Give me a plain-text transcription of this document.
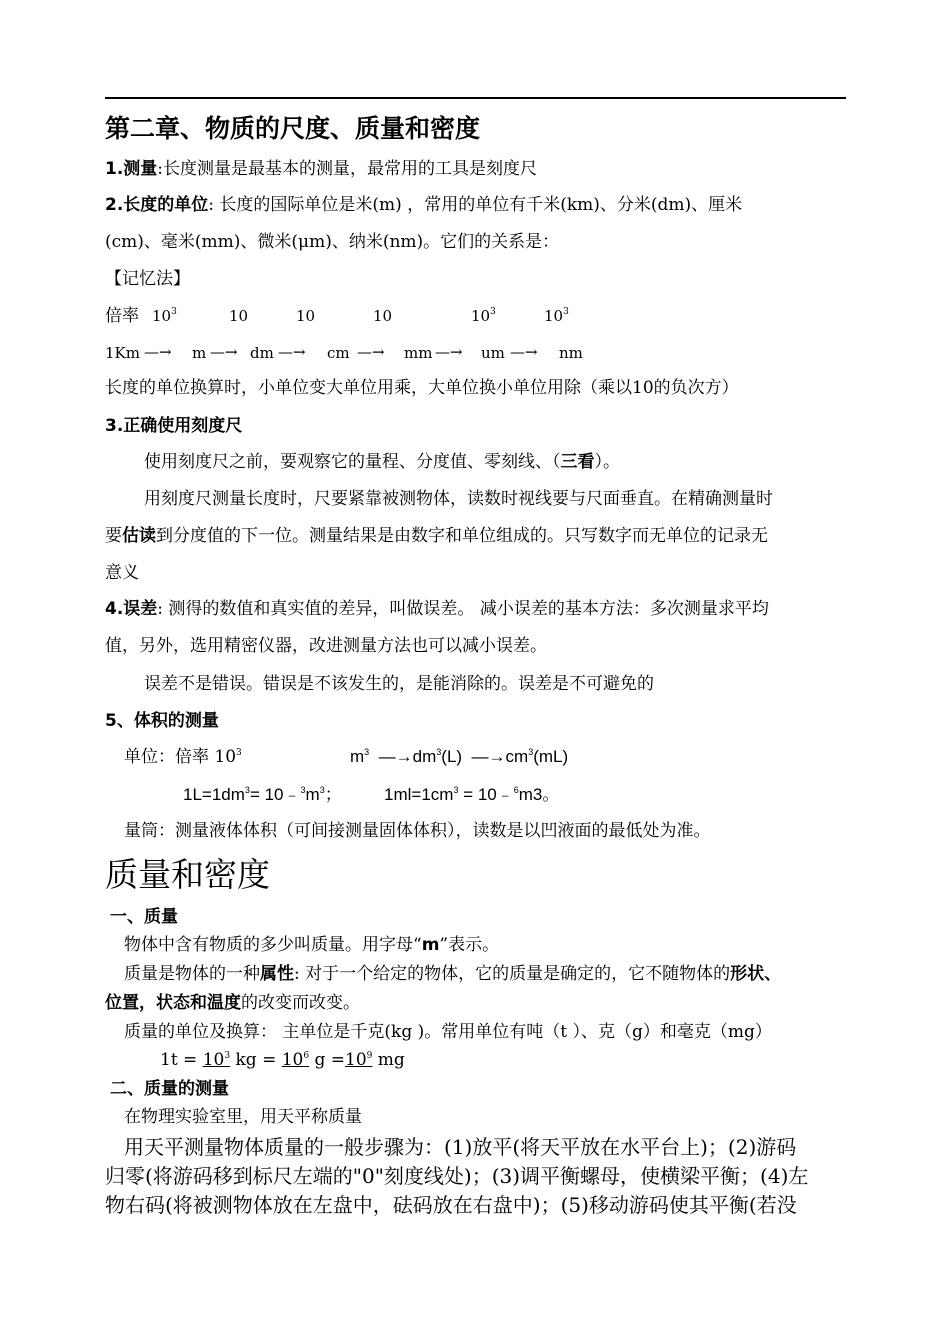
第二章、物质的尺度、质量和密度
1.测量:长度测量是最基本的测量，最常用的工具是刻度尺
2.长度的单位: 长度的国际单位是米(m) ，常用的单位有千米(km)、分米(dm)、厘米
(cm)、毫米(mm)、微米(μm)、纳米(nm)。它们的关系是：
【记忆法】
倍率 $10^3$	10	10	10	$10^3$	$10^3$
1Km —→ m —→ dm —→ cm —→ mm —→ um —→ nm
长度的单位换算时，小单位变大单位用乘，大单位换小单位用除（乘以10的负次方）
3.正确使用刻度尺
使用刻度尺之前，要观察它的量程、分度值、零刻线、（三看）。
用刻度尺测量长度时，尺要紧靠被测物体，读数时视线要与尺面垂直。在精确测量时
要估读到分度值的下一位。测量结果是由数字和单位组成的。只写数字而无单位的记录无
意义
4.误差: 测得的数值和真实值的差异，叫做误差。 减小误差的基本方法：多次测量求平均
值，另外，选用精密仪器，改进测量方法也可以减小误差。
误差不是错误。错误是不该发生的，是能消除的。误差是不可避免的
5、体积的测量
单位：倍率 $10^3$	$m^3$  $—\to dm^3(L)$  $—\to cm^3(mL)$
$1L=1dm^3=$ $10﹣^3m^3$； $1ml=1cm^3$ = 10﹣$^6$m3。
量筒：测量液体体积（可间接测量固体体积），读数是以凹液面的最低处为准。
质量和密度
一、质量
物体中含有物质的多少叫质量。用字母“m”表示。
质量是物体的一种属性: 对于一个给定的物体，它的质量是确定的，它不随物体的形状、
位置，状态和温度的改变而改变。
质量的单位及换算： 主单位是千克(kg )。常用单位有吨（t ）、克（g）和毫克（mg）
$1t = 10^3$ kg = $10^6$ $g =10^9$ mg
二、质量的测量
在物理实验室里，用天平称质量
用天平测量物体质量的一般步骤为：(1)放平(将天平放在水平台上)；(2)游码
归零(将游码移到标尺左端的"0"刻度线处)；(3)调平衡螺母，使横梁平衡；(4)左
物右码(将被测物体放在左盘中，砝码放在右盘中)；(5)移动游码使其平衡(若没
